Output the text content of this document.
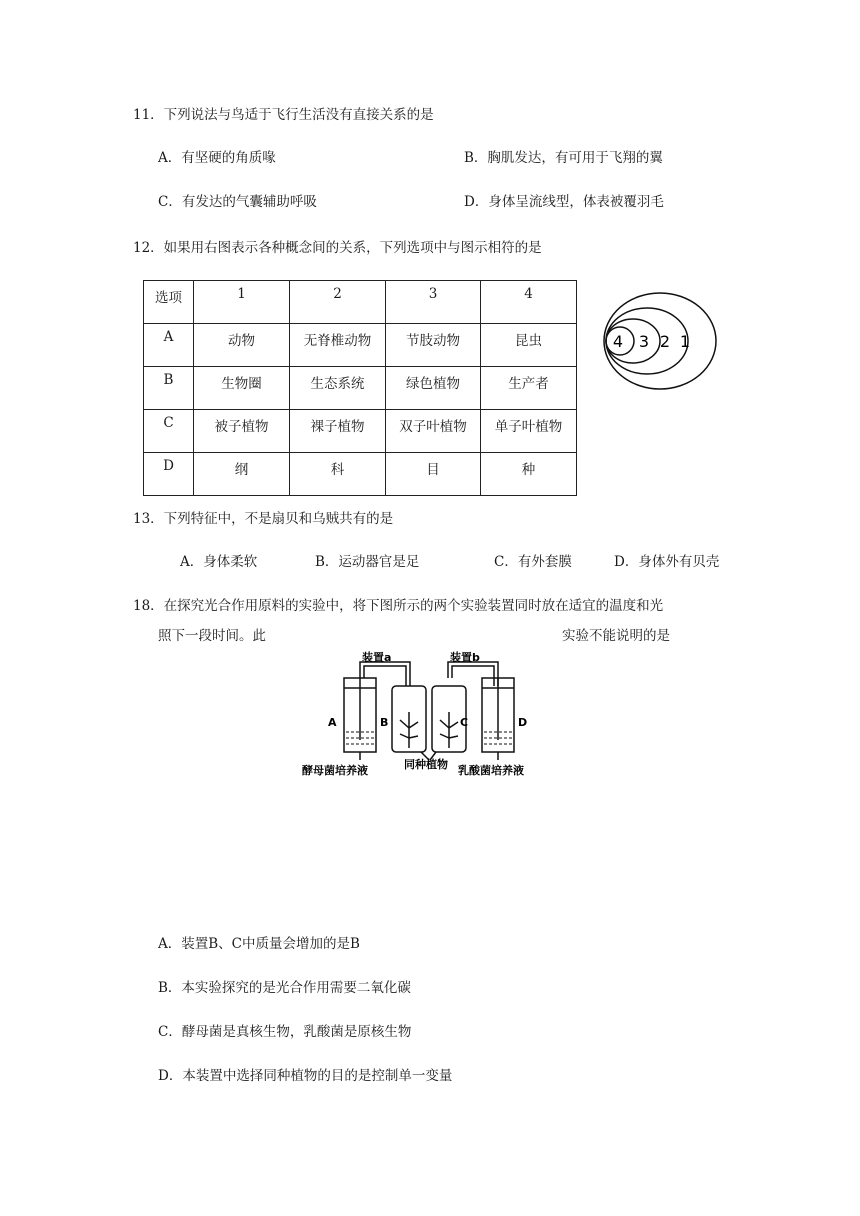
11．下列说法与鸟适于飞行生活没有直接关系的是
A．有坚硬的角质喙	B．胸肌发达，有可用于飞翔的翼
C．有发达的气囊辅助呼吸	D．身体呈流线型，体表被覆羽毛
12．如果用右图表示各种概念间的关系，下列选项中与图示相符的是
选项	1	2	3	4
A	动物	无脊椎动物	节肢动物	昆虫
B	生物圈	生态系统	绿色植物	生产者
C	被子植物	裸子植物	双子叶植物	单子叶植物
D	纲	科	目	种
4 3 2 1
13．下列特征中，不是扇贝和乌贼共有的是
A．身体柔软	B．运动器官是足	C．有外套膜	D．身体外有贝壳
18．在探究光合作用原料的实验中，将下图所示的两个实验装置同时放在适宜的温度和光
照下一段时间。此	实验不能说明的是
装置a	装置b
A	B	C	D
酵母菌培养液	同种植物 乳酸菌培养液
A．装置B、C中质量会增加的是B
B．本实验探究的是光合作用需要二氧化碳
C．酵母菌是真核生物，乳酸菌是原核生物
D．本装置中选择同种植物的目的是控制单一变量
